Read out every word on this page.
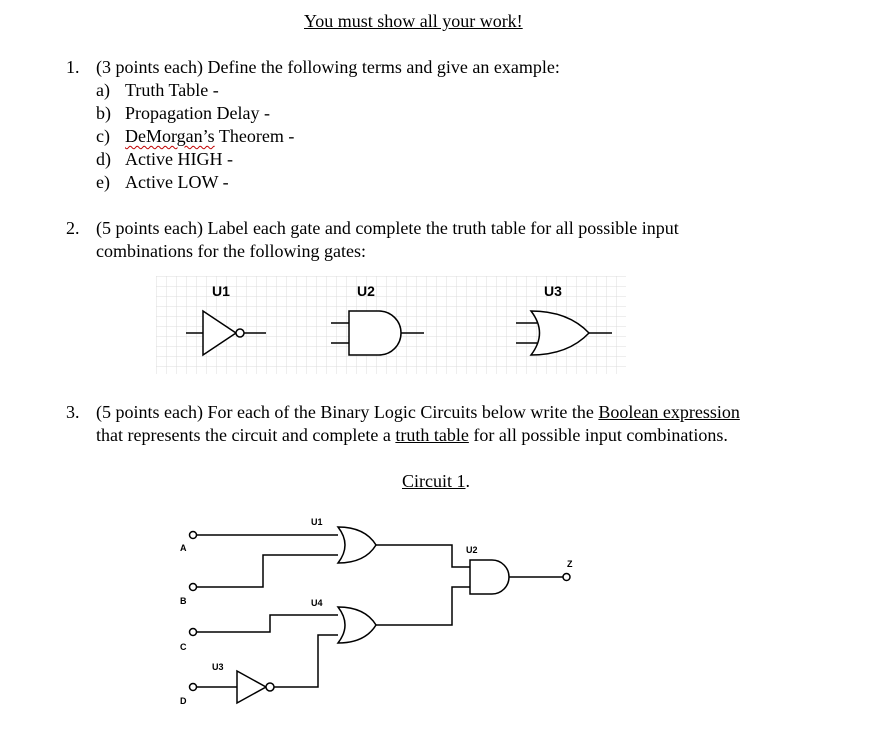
You must show all your work!
1. (3 points each) Define the following terms and give an example:
a) Truth Table -
b) Propagation Delay -
c) DeMorgan’s Theorem -
d) Active HIGH -
e) Active LOW -
2. (5 points each) Label each gate and complete the truth table for all possible input
combinations for the following gates:
U1	U2	U3
3. (5 points each) For each of the Binary Logic Circuits below write the Boolean expression
that represents the circuit and complete a truth table for all possible input combinations.
Circuit 1.
A
B
C
D
Z
U1
U2
U4
U3
